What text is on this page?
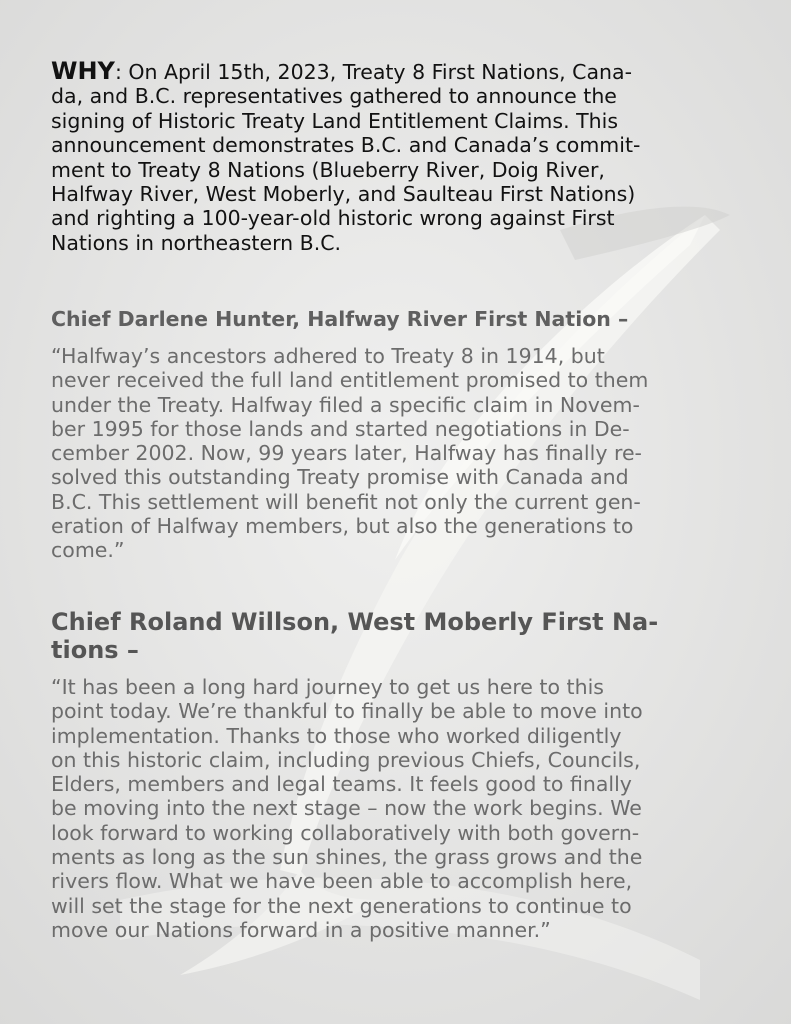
WHY: On April 15th, 2023, Treaty 8 First Nations, Cana-
da, and B.C. representatives gathered to announce the
signing of Historic Treaty Land Entitlement Claims. This
announcement demonstrates B.C. and Canada’s commit-
ment to Treaty 8 Nations (Blueberry River, Doig River,
Halfway River, West Moberly, and Saulteau First Nations)
and righting a 100-year-old historic wrong against First
Nations in northeastern B.C.
Chief Darlene Hunter, Halfway River First Nation –
“Halfway’s ancestors adhered to Treaty 8 in 1914, but
never received the full land entitlement promised to them
under the Treaty. Halfway filed a specific claim in Novem-
ber 1995 for those lands and started negotiations in De-
cember 2002. Now, 99 years later, Halfway has finally re-
solved this outstanding Treaty promise with Canada and
B.C. This settlement will benefit not only the current gen-
eration of Halfway members, but also the generations to
come.”
Chief Roland Willson, West Moberly First Na-
tions –
“It has been a long hard journey to get us here to this
point today. We’re thankful to finally be able to move into
implementation. Thanks to those who worked diligently
on this historic claim, including previous Chiefs, Councils,
Elders, members and legal teams. It feels good to finally
be moving into the next stage – now the work begins. We
look forward to working collaboratively with both govern-
ments as long as the sun shines, the grass grows and the
rivers flow. What we have been able to accomplish here,
will set the stage for the next generations to continue to
move our Nations forward in a positive manner.”
